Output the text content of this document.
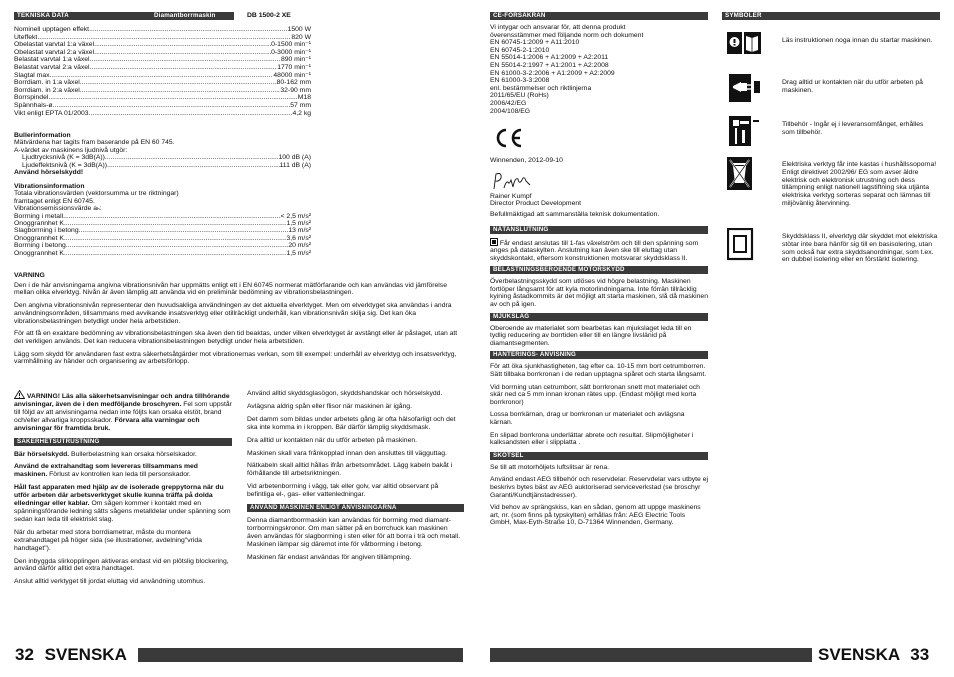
TEKNISKA DATA	Diamantborrmaskin	DB 1500-2 XE
Nominell upptagen effekt .....	1500 W
Uteffekt .....	820 W
Obelastat varvtal 1:a växel .....	0-1500 min⁻¹
Obelastat varvtal 2:a växel .....	0-3000 min⁻¹
Belastat varvtal 1:a växel .....	890 min⁻¹
Belastat varvtal 2:a växel .....	1770 min⁻¹
Slagtal max. .....	48000 min⁻¹
Borrdiam. in 1:a växel .....	80-162 mm
Borrdiam. in 2:a växel .....	32-90 mm
Borrspindel .....	M18
Spännhals-ø .....	57 mm
Vikt enligt EPTA 01/2003 .....	4,2 kg
Bullerinformation
Mätvärdena har tagits fram baserande på EN 60 745.
A-värdet av maskinens ljudnivå utgör:
Ljudtrycksnivå (K = 3dB(A)) .....	100 dB (A)
Ljudeffektsnivå (K = 3dB(A)) .....	111 dB (A)
Använd hörselskydd!
Vibrationsinformation
Totala vibrationsvärden (vektorsumma ur tre riktningar)
framtaget enligt EN 60745.
Vibrationsemissionsvärde aₕ:
Borrning i metall .....	< 2,5 m/s²
Onoggrannhet K .....	1,5 m/s²
Slagborrning i betong .....	13 m/s²
Onoggrannhet K .....	3,6 m/s²
Borrning i betong .....	20 m/s²
Onoggrannhet K .....	1,5 m/s²
VARNING

Den i de här anvisningarna angivna vibrationsnivån har uppmätts enligt ett i EN 60745 normerat mätförfarande och kan användas vid jämförelse mellan olika elverktyg. Nivån är även lämplig att använda vid en preliminär bedömning av vibrationsbelastningen.

Den angivna vibrationsnivån representerar den huvudsakliga användningen av det aktuella elverktyget. Men om elverktyget ska användas i andra användningsområden, tillsammans med avvikande insatsverktyg eller otillräckligt underhåll, kan vibrationsnivån skilja sig. Det kan öka vibrationsbelastningen betydligt under hela arbetstiden.

För att få en exaktare bedömning av vibrationsbelastningen ska även den tid beaktas, under vilken elverktyget är avstängt eller är påslaget, utan att det verkligen används. Det kan reducera vibrationsbelastningen betydligt under hela arbetstiden.

Lägg som skydd för användaren fast extra säkerhetsåtgärder mot vibrationernas verkan, som till exempel: underhåll av elverktyg och insatsverktyg, varmhållning av händer och organisering av arbetsförlopp.

VARNING! Läs alla säkerhetsanvisningar och andra tillhörande anvisningar, även de i den medföljande broschyren. Fel som uppstår till följd av att anvisningarna nedan inte följts kan orsaka elstöt, brand och/eller allvarliga kroppsskador. Förvara alla varningar och anvisningar för framtida bruk.

SÄKERHETSUTRUSTNING

Bär hörselskydd. Bullerbelastning kan orsaka hörselskador.

Använd de extrahandtag som levereras tillsammans med maskinen. Förlust av kontrollen kan leda till personskador.

Håll fast apparaten med hjälp av de isolerade greppytorna när du utför arbeten där arbetsverktyget skulle kunna träffa på dolda elledningar eller kablar. Om sågen kommer i kontakt med en spänningsförande ledning sätts sågens metalldelar under spänning som sedan kan leda till elektriskt slag.

När du arbetar med stora borrdiametrar, måste du montera extrahandtaget på höger sida (se illustrationer, avdelning"vrida handtaget").

Den inbyggda slirkopplingen aktiveras endast vid en plötslig blockering, använd därför alltid det extra handtaget.

Anslut alltid verktyget till jordat eluttag vid användning utomhus.

Använd alltid skyddsglasögon, skyddshandskar och hörselskydd.

Avlägsna aldrig spån eller flisor när maskinen är igång.

Det damm som bildas under arbetets gång är ofta hälsofarligt och det ska inte komma in i kroppen. Bär därför lämplig skyddsmask.

Dra alltid ur kontakten när du utför arbeten på maskinen.

Maskinen skall vara frånkopplad innan den ansluttes till vägguttag.

Nätkabeln skall alltid hållas ifrån arbetsområdet. Lägg kabeln bakåt i förhållande till arbetsriktningen.

Vid arbetenborrning i vägg, tak eller golv, var alltid observant på befintliga el-, gas- eller vattenledningar.

ANVÄND MASKINEN ENLIGT ANVISNINGARNA

Denna diamantborrmaskin kan användas för borrning med diamant-torrborrningskronor. Om man sätter på en borrchuck kan maskinen även användas för slagborrning i sten eller för att borra i trä och metall. Maskinen lämpar sig däremot inte för våtborrning i betong.

Maskinen fär endast användas för angiven tillämpning.

32 SVENSKA
CE-FÖRSÄKRAN
Vi intygar och ansvarar för, att denna produkt
överensstämmer med följande norm och dokument
EN 60745-1:2009 + A11:2010
EN 60745-2-1:2010
EN 55014-1:2006 + A1:2009 + A2:2011
EN 55014-2:1997 + A1:2001 + A2:2008
EN 61000-3-2:2006 + A1:2009 + A2:2009
EN 61000-3-3:2008
enl. bestämmelser och riktlinjerna
2011/65/EU (RoHs)
2006/42/EG
2004/108/EG
Winnenden, 2012-09-10
Rainer Kumpf
Director Product Development
Befullmäktigad att sammanställa teknisk dokumentation.
NÄTANSLUTNING

Får endast anslutas till 1-fas växelström och till den spänning som anges på dataskylten. Anslutning kan även ske till eluttag utan skyddskontakt, eftersom konstruktionen motsvarar skyddsklass II.

BELASTNINGSBEROENDE MOTORSKYDD

Överbelastningsskydd som utlöses vid högre belastning. Maskinen fortlöper långsamt för att kyla motorlindningarna. Inte förrän tillräcklig kyining åstadkommits är det möjligt att starta maskinen, slå då maskinen av och på igen.

MJUKSLAG

Oberoende av materialet som bearbetas kan mjukslaget leda till en tydlig reducering av borrtiden eller till en längre livslänid på diamantsegmenten.

HANTERINGS- ANVISNING

För att öka sjunkhastigheten, tag efter ca. 10-15 mm bort cetrumborren. Sätt tillbaka borrkronan i de redan upptagna spåret och starta långsamt.

Vid borrning utan cetrumborr, sätt borrkronan snett mot materialet och skär ned ca 5 mm innan kronan rätes upp. (Endast möjligt med korta borrkronor)

Lossa borrkärnan, drag ur borrkronan ur materialet och avlägsna kärnan.

En slipad borrkrona underlättar abrete och resultat. Slipmöjligheter i kalksandsten eller i slipplatta .

SKÖTSEL

Se till att motorhöljets luftslitsar är rena.

Använd endast AEG tillbehör och reservdelar. Reservdelar vars utbyte ej beskrivs bytes bäst av AEG auktoriserad serviceverkstad (se broschyr Garanti/Kundtjänstadresser).

Vid behov av sprängskiss, kan en sådan, genom att uppge maskinens art, nr. (som finns på typskylten) erhållas från: AEG Electric Tools GmbH, Max-Eyth-Straße 10, D-71364 Winnenden, Germany.

SYMBOLER
Läs instruktionen noga innan du startar maskinen.
Drag alltid ur kontakten när du utför arbeten på maskinen.
Tillbehör - Ingår ej i leveransomfånget, erhålles som tillbehör.
Elektriska verktyg får inte kastas i hushållssoporna! Enligt direktivet 2002/96/ EG som avser äldre elektrisk och elektronisk utrustning och dess tillämpning enligt nationell lagstiftning ska utjänta elektriska verktyg sorteras separat och lämnas till miljövänlig återvinning.
Skyddsklass II, elverktyg där skyddet mot elektriska stötar inte bara hänför sig till en basisolering, utan som också har extra skyddsanordningar, som t.ex. en dubbel isolering eller en förstärkt isolering.
SVENSKA 33
